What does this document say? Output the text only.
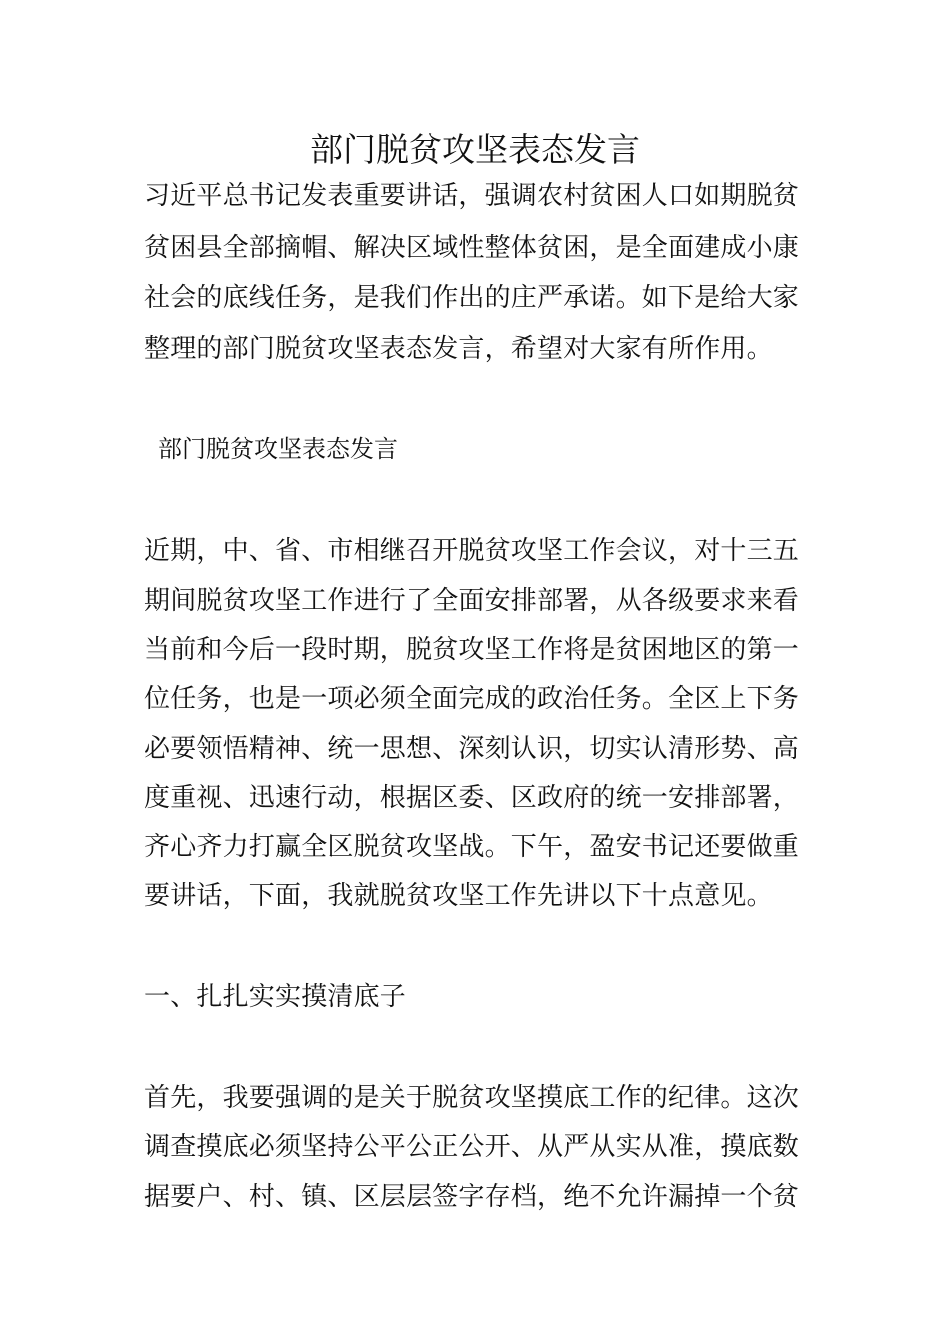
部门脱贫攻坚表态发言
习近平总书记发表重要讲话，强调农村贫困人口如期脱贫
贫困县全部摘帽、解决区域性整体贫困，是全面建成小康
社会的底线任务，是我们作出的庄严承诺。如下是给大家
整理的部门脱贫攻坚表态发言，希望对大家有所作用。
部门脱贫攻坚表态发言
近期，中、省、市相继召开脱贫攻坚工作会议，对十三五
期间脱贫攻坚工作进行了全面安排部署，从各级要求来看
当前和今后一段时期，脱贫攻坚工作将是贫困地区的第一
位任务，也是一项必须全面完成的政治任务。全区上下务
必要领悟精神、统一思想、深刻认识，切实认清形势、高
度重视、迅速行动，根据区委、区政府的统一安排部署，
齐心齐力打赢全区脱贫攻坚战。下午，盈安书记还要做重
要讲话，下面，我就脱贫攻坚工作先讲以下十点意见。
一、扎扎实实摸清底子
首先，我要强调的是关于脱贫攻坚摸底工作的纪律。这次
调查摸底必须坚持公平公正公开、从严从实从准，摸底数
据要户、村、镇、区层层签字存档，绝不允许漏掉一个贫
